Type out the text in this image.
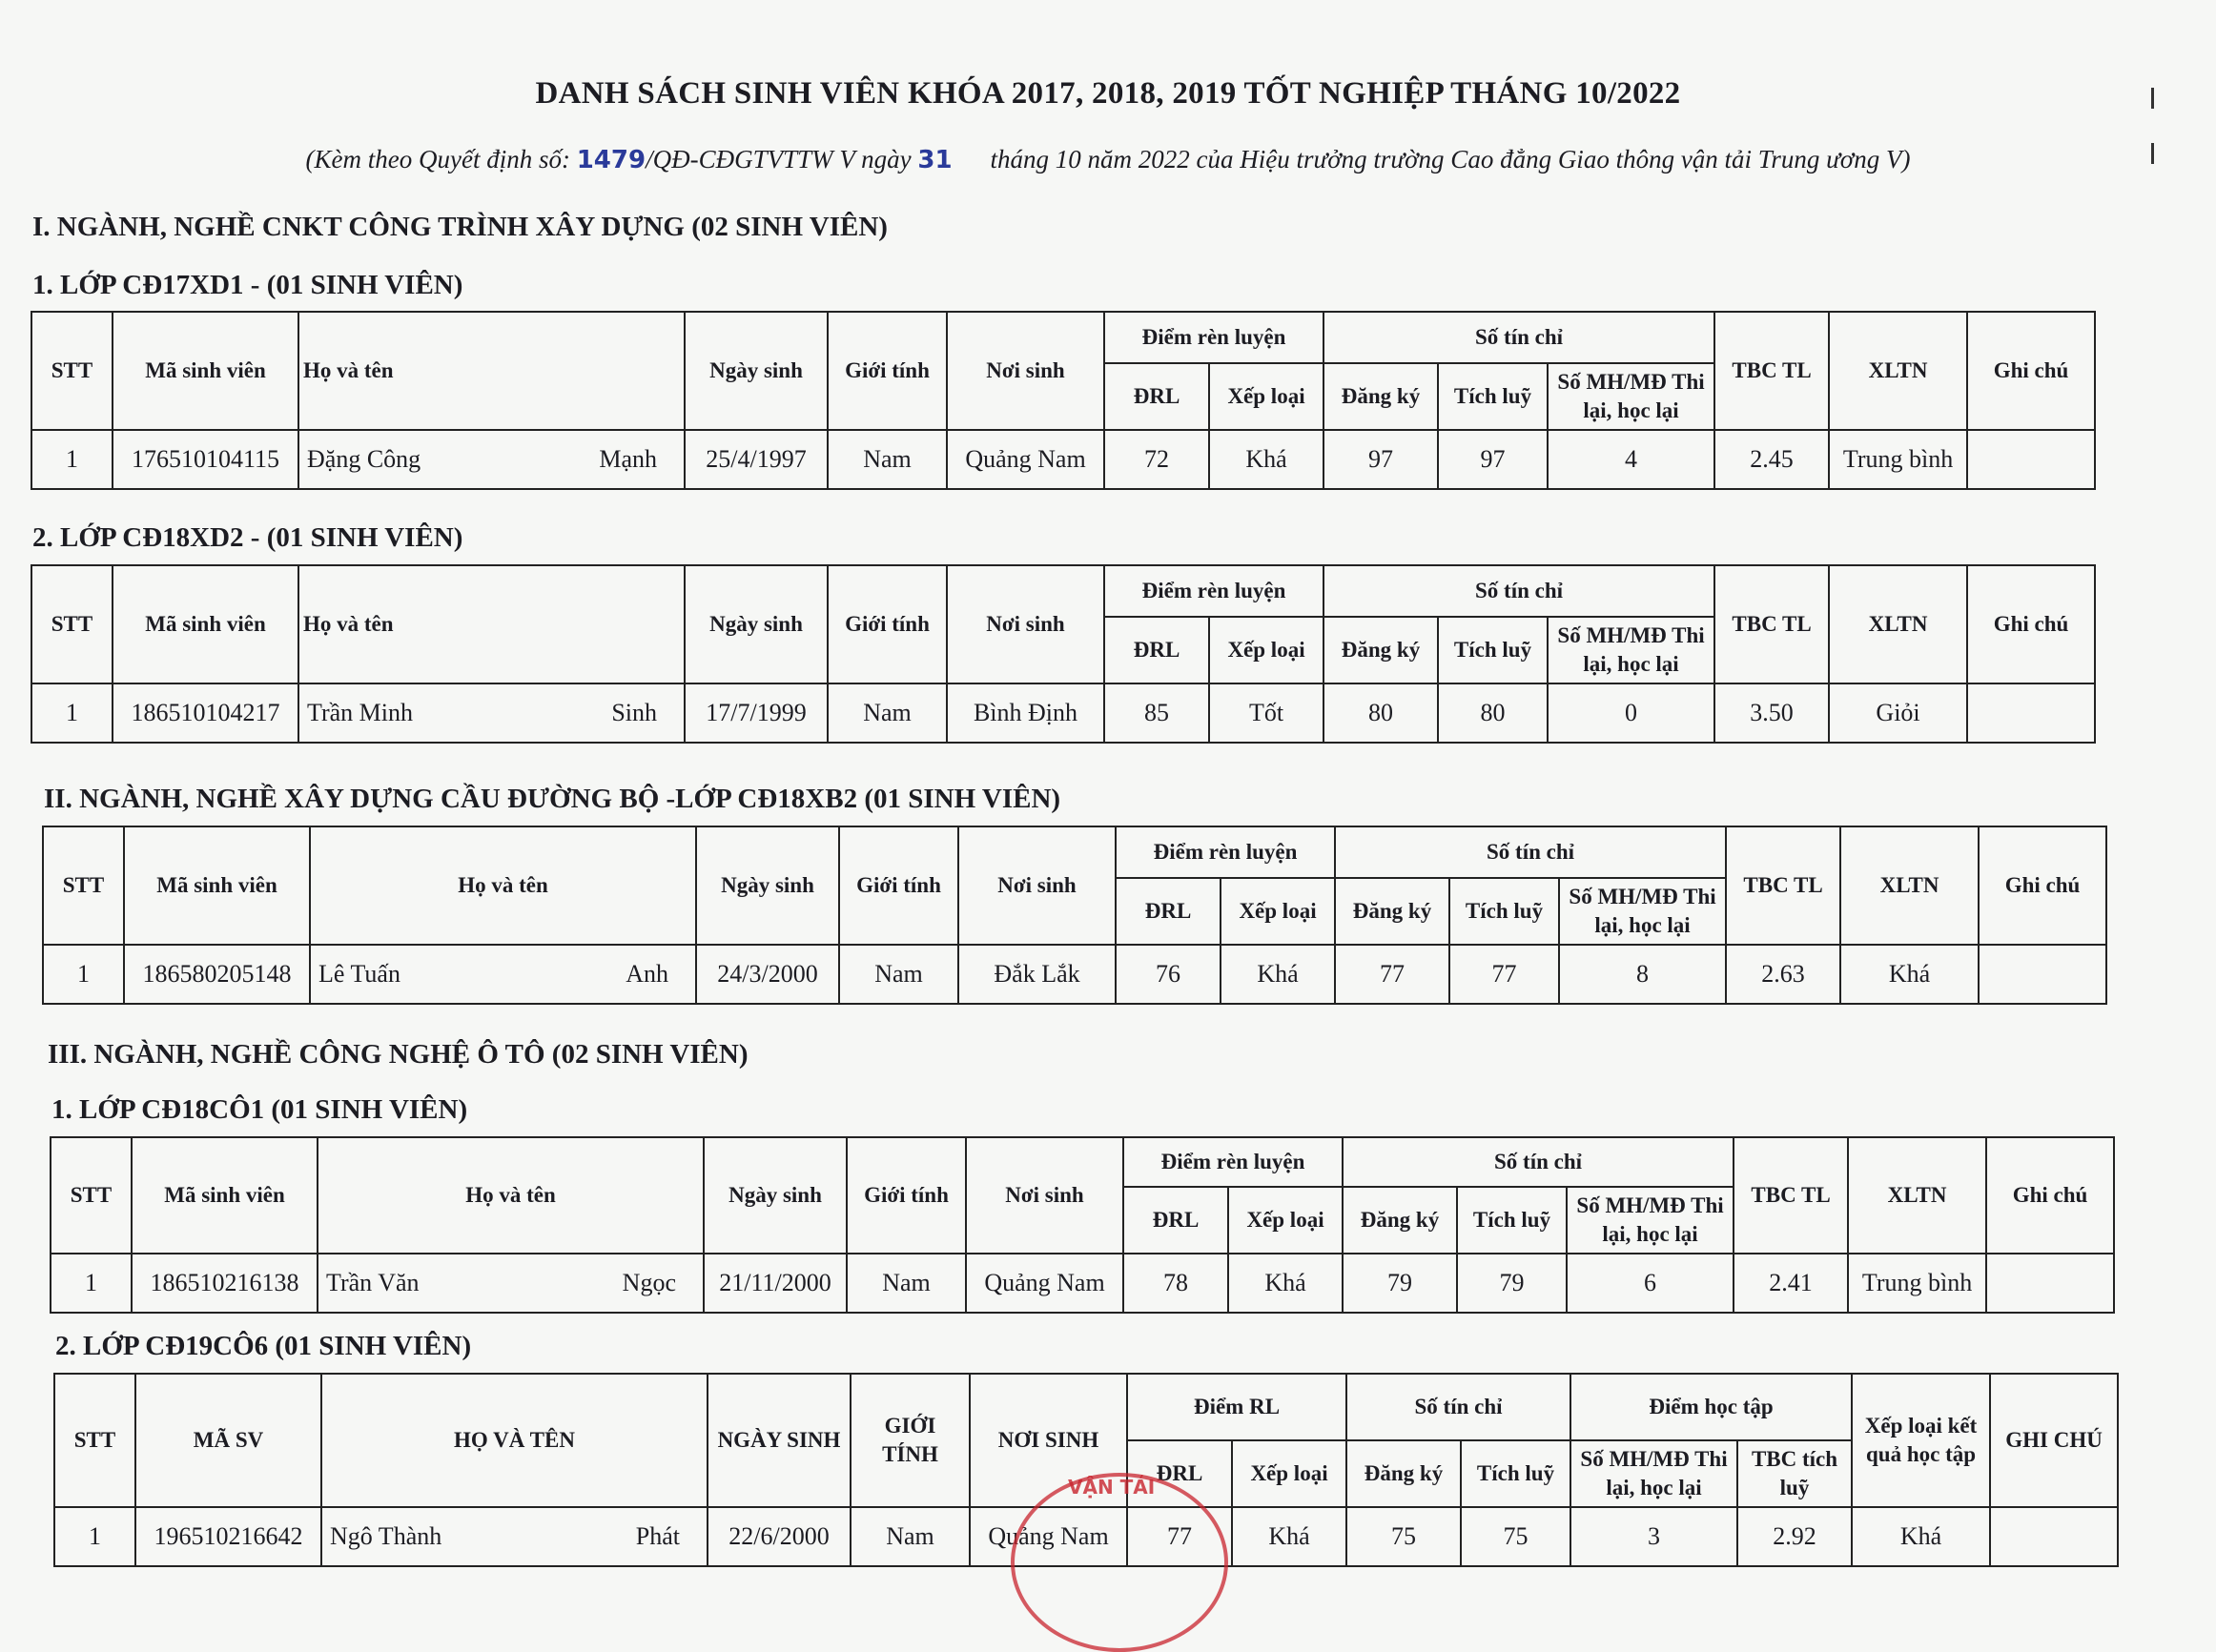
DANH SÁCH SINH VIÊN KHÓA 2017, 2018, 2019 TỐT NGHIỆP THÁNG 10/2022
(Kèm theo Quyết định số: 1479/QĐ-CĐGTVTTW V ngày 31 tháng 10 năm 2022 của Hiệu trưởng trường Cao đẳng Giao thông vận tải Trung ương V)
I. NGÀNH, NGHỀ CNKT CÔNG TRÌNH XÂY DỰNG (02 SINH VIÊN)
1. LỚP CĐ17XD1 - (01 SINH VIÊN)
STT	Mã sinh viên	Họ và tên	Ngày sinh	Giới tính	Nơi sinh	Điểm rèn luyện		Số tín chỉ			TBC TL	XLTN	Ghi chú
						ĐRL	Xếp loại	Đăng ký	Tích luỹ	Số MH/MĐ Thi lại, học lại			
1	176510104115	Đặng Công Mạnh	25/4/1997	Nam	Quảng Nam	72	Khá	97	97	4	2.45	Trung bình	
2. LỚP CĐ18XD2 - (01 SINH VIÊN)
STT	Mã sinh viên	Họ và tên	Ngày sinh	Giới tính	Nơi sinh	Điểm rèn luyện		Số tín chỉ			TBC TL	XLTN	Ghi chú
						ĐRL	Xếp loại	Đăng ký	Tích luỹ	Số MH/MĐ Thi lại, học lại			
1	186510104217	Trần Minh Sinh	17/7/1999	Nam	Bình Định	85	Tốt	80	80	0	3.50	Giỏi	
II. NGÀNH, NGHỀ XÂY DỰNG CẦU ĐƯỜNG BỘ -LỚP CĐ18XB2 (01 SINH VIÊN)
STT	Mã sinh viên	Họ và tên	Ngày sinh	Giới tính	Nơi sinh	Điểm rèn luyện		Số tín chỉ			TBC TL	XLTN	Ghi chú
						ĐRL	Xếp loại	Đăng ký	Tích luỹ	Số MH/MĐ Thi lại, học lại			
1	186580205148	Lê Tuấn Anh	24/3/2000	Nam	Đắk Lắk	76	Khá	77	77	8	2.63	Khá	
III. NGÀNH, NGHỀ CÔNG NGHỆ Ô TÔ (02 SINH VIÊN)
1. LỚP CĐ18CÔ1 (01 SINH VIÊN)
STT	Mã sinh viên	Họ và tên	Ngày sinh	Giới tính	Nơi sinh	Điểm rèn luyện		Số tín chỉ			TBC TL	XLTN	Ghi chú
						ĐRL	Xếp loại	Đăng ký	Tích luỹ	Số MH/MĐ Thi lại, học lại			
1	186510216138	Trần Văn Ngọc	21/11/2000	Nam	Quảng Nam	78	Khá	79	79	6	2.41	Trung bình	
2. LỚP CĐ19CÔ6 (01 SINH VIÊN)
STT	MÃ SV	HỌ VÀ TÊN	NGÀY SINH	GIỚI TÍNH	NƠI SINH	Điểm RL		Số tín chỉ		Điểm học tập		Xếp loại kết quả học tập	GHI CHÚ
						ĐRL	Xếp loại	Đăng ký	Tích luỹ	Số MH/MĐ Thi lại, học lại	TBC tích luỹ		
1	196510216642	Ngô Thành Phát	22/6/2000	Nam	Quảng Nam	77	Khá	75	75	3	2.92	Khá	
VẬN TẢI
